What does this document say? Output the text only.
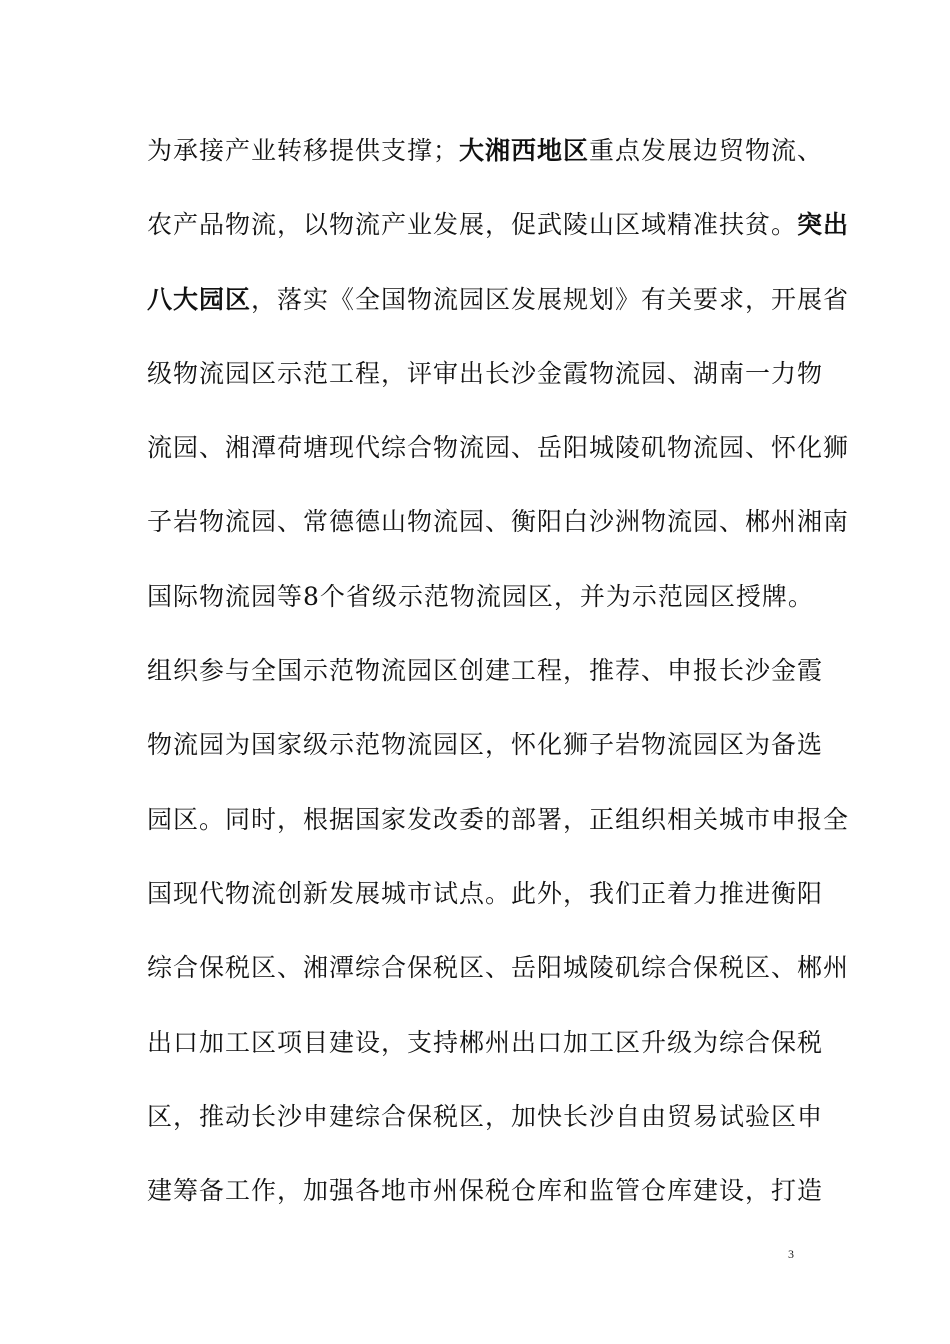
为承接产业转移提供支撑；大湘西地区重点发展边贸物流、
农产品物流，以物流产业发展，促武陵山区域精准扶贫。突出
八大园区，落实《全国物流园区发展规划》有关要求，开展省
级物流园区示范工程，评审出长沙金霞物流园、湖南一力物
流园、湘潭荷塘现代综合物流园、岳阳城陵矶物流园、怀化狮
子岩物流园、常德德山物流园、衡阳白沙洲物流园、郴州湘南
国际物流园等8个省级示范物流园区，并为示范园区授牌。
组织参与全国示范物流园区创建工程，推荐、申报长沙金霞
物流园为国家级示范物流园区，怀化狮子岩物流园区为备选
园区。同时，根据国家发改委的部署，正组织相关城市申报全
国现代物流创新发展城市试点。此外，我们正着力推进衡阳
综合保税区、湘潭综合保税区、岳阳城陵矶综合保税区、郴州
出口加工区项目建设，支持郴州出口加工区升级为综合保税
区，推动长沙申建综合保税区，加快长沙自由贸易试验区申
建筹备工作，加强各地市州保税仓库和监管仓库建设，打造
3
